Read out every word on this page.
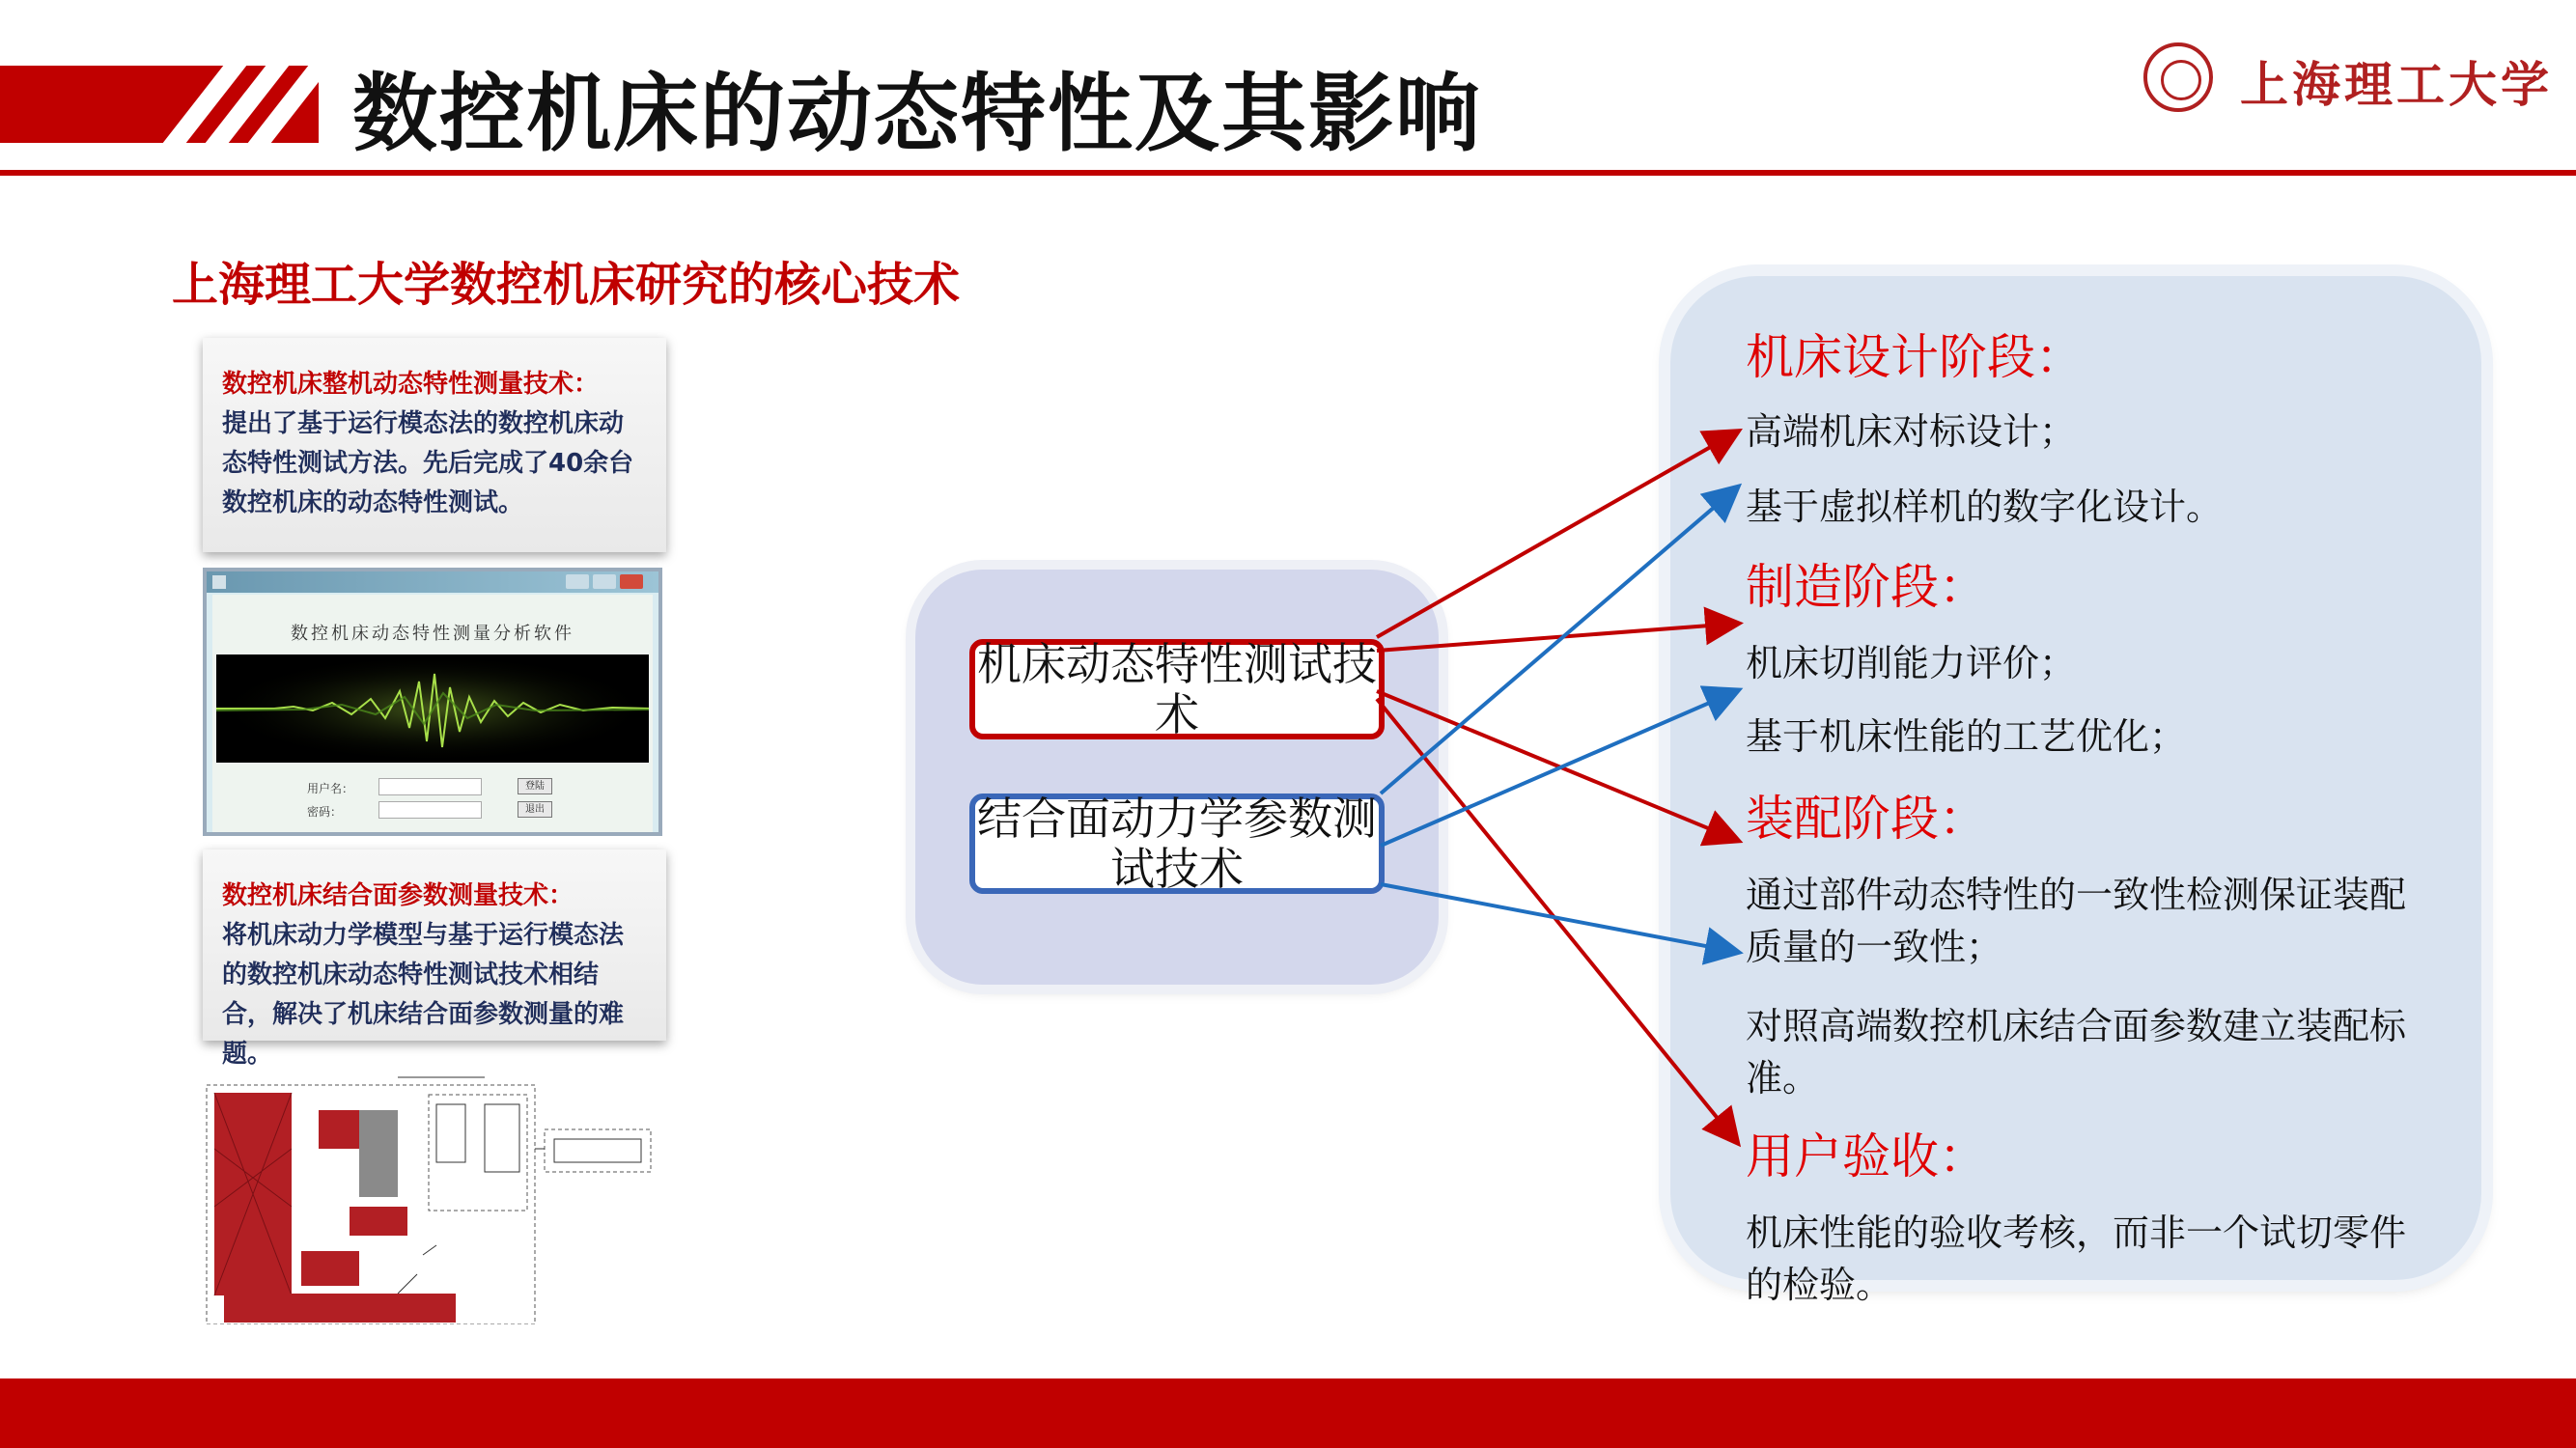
数控机床的动态特性及其影响	上海理工大学
上海理工大学数控机床研究的核心技术
数控机床整机动态特性测量技术：
提出了基于运行模态法的数控机床动态特性测试方法。先后完成了40余台数控机床的动态特性测试。
数控机床动态特性测量分析软件
用户名：	登陆
密码：	退出
数控机床结合面参数测量技术：
将机床动力学模型与基于运行模态法的数控机床动态特性测试技术相结合，解决了机床结合面参数测量的难题。
机床动态特性测试技术
结合面动力学参数测试技术
机床设计阶段：
高端机床对标设计；
基于虚拟样机的数字化设计。
制造阶段：
机床切削能力评价；
基于机床性能的工艺优化；
装配阶段：
通过部件动态特性的一致性检测保证装配质量的一致性；
对照高端数控机床结合面参数建立装配标准。
用户验收：
机床性能的验收考核，而非一个试切零件的检验。
